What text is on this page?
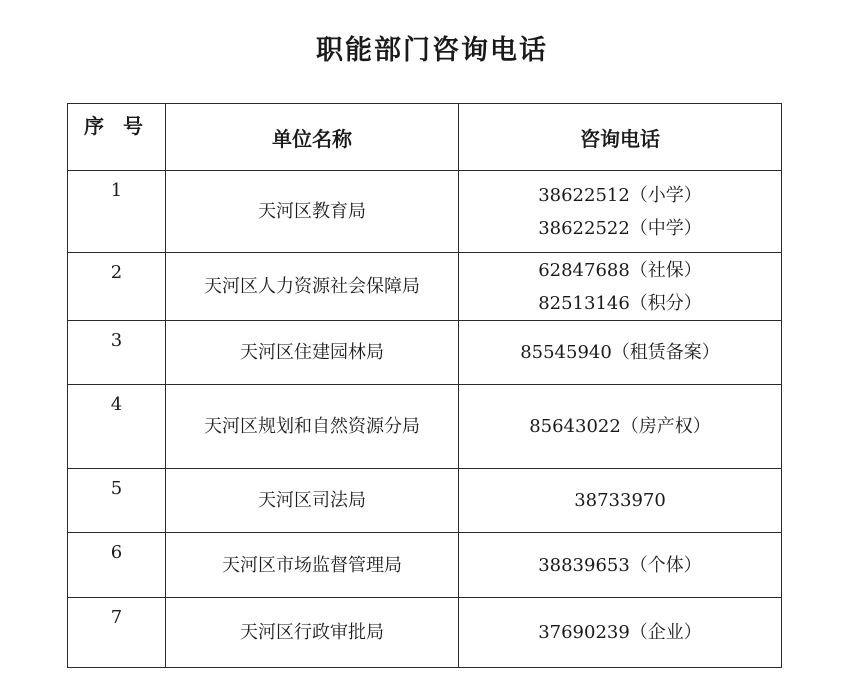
职能部门咨询电话
序 号	单位名称	咨询电话
1	天河区教育局	38622512（小学）
38622522（中学）

2	天河区人力资源社会保障局	62847688（社保）
82513146（积分）

3	天河区住建园林局	85545940（租赁备案）

4	天河区规划和自然资源分局	85643022（房产权）

5	天河区司法局	38733970

6	天河区市场监督管理局	38839653（个体）

7	天河区行政审批局	37690239（企业）
